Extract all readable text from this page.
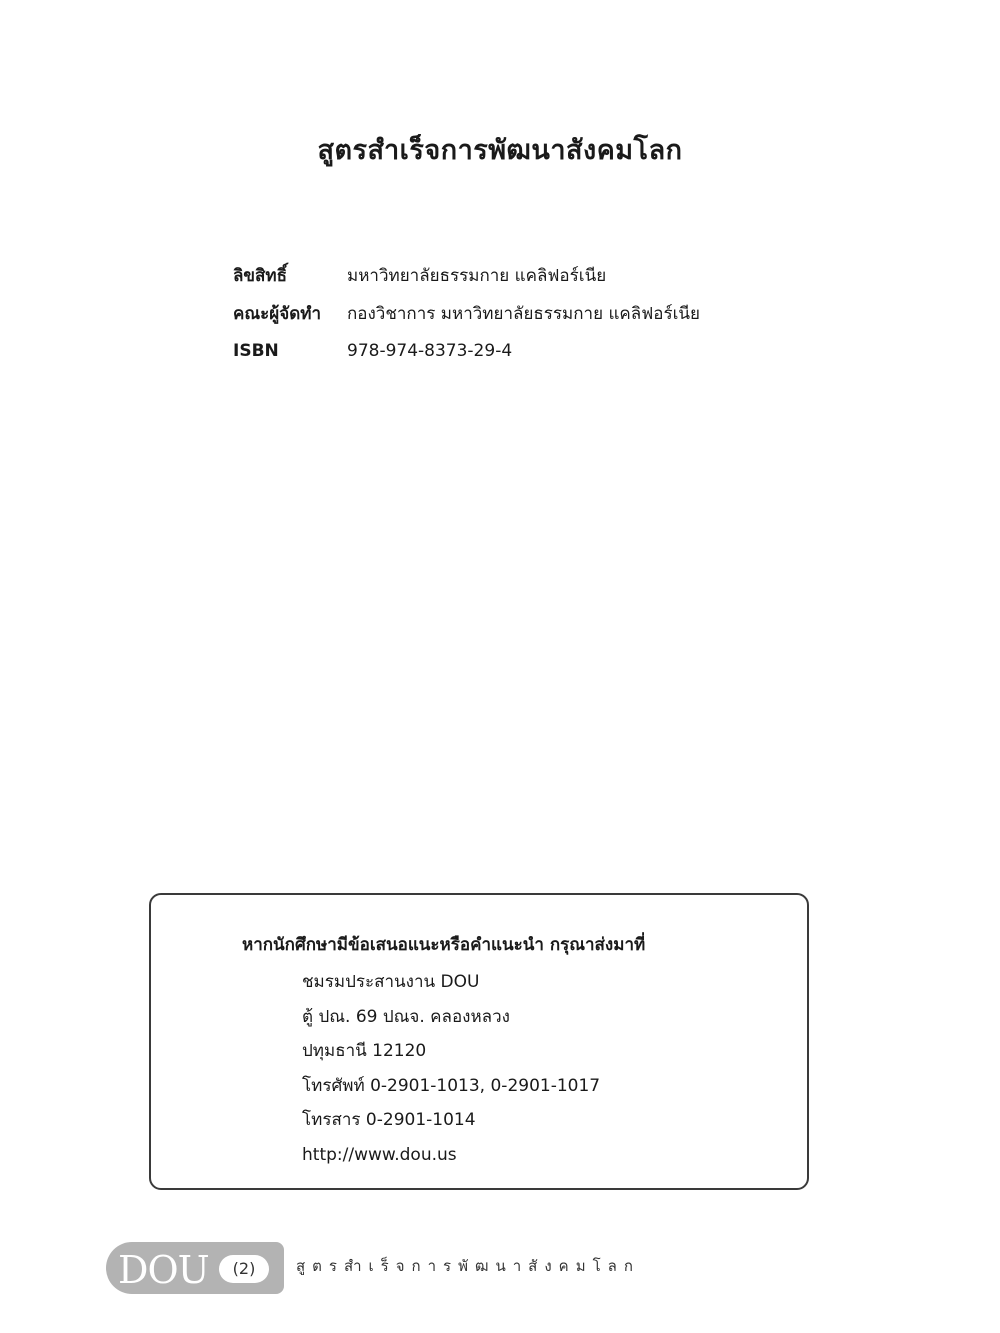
สูตรสำเร็จการพัฒนาสังคมโลก
ลิขสิทธิ์	มหาวิทยาลัยธรรมกาย แคลิฟอร์เนีย
คณะผู้จัดทำ	กองวิชาการ มหาวิทยาลัยธรรมกาย แคลิฟอร์เนีย
ISBN	978-974-8373-29-4
หากนักศึกษามีข้อเสนอแนะหรือคำแนะนำ กรุณาส่งมาที่
ชมรมประสานงาน DOU
ตู้ ปณ. 69 ปณจ. คลองหลวง
ปทุมธานี 12120
โทรศัพท์ 0-2901-1013, 0-2901-1017
โทรสาร 0-2901-1014
http://www.dou.us
DOU	(2)	สูตรสำเร็จการพัฒนาสังคมโลก
